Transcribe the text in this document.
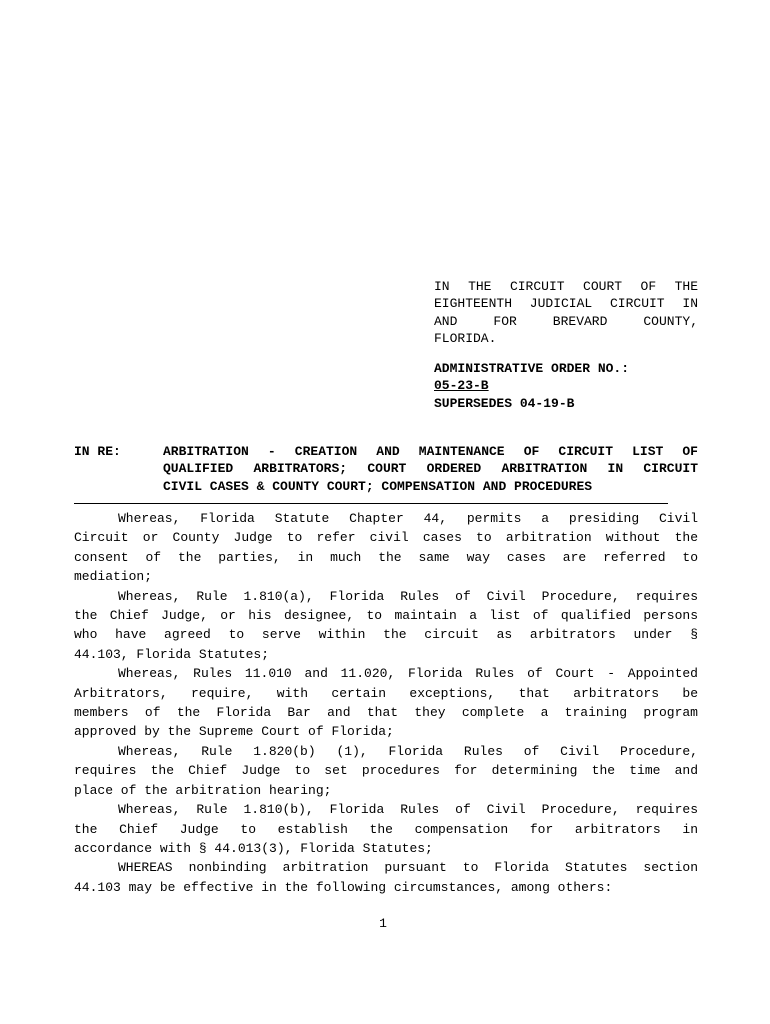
IN THE CIRCUIT COURT OF THE
EIGHTEENTH JUDICIAL CIRCUIT IN
AND FOR BREVARD COUNTY,
FLORIDA.
ADMINISTRATIVE ORDER NO.:
05-23-B
SUPERSEDES 04-19-B
IN RE:	ARBITRATION - CREATION AND MAINTENANCE OF CIRCUIT LIST OF
QUALIFIED ARBITRATORS; COURT ORDERED ARBITRATION IN CIRCUIT
CIVIL CASES & COUNTY COURT; COMPENSATION AND PROCEDURES
Whereas, Florida Statute Chapter 44, permits a presiding Civil
Circuit or County Judge to refer civil cases to arbitration without the
consent of the parties, in much the same way cases are referred to
mediation;
Whereas, Rule 1.810(a), Florida Rules of Civil Procedure, requires
the Chief Judge, or his designee, to maintain a list of qualified persons
who have agreed to serve within the circuit as arbitrators under §
44.103, Florida Statutes;
Whereas, Rules 11.010 and 11.020, Florida Rules of Court - Appointed
Arbitrators, require, with certain exceptions, that arbitrators be
members of the Florida Bar and that they complete a training program
approved by the Supreme Court of Florida;
Whereas, Rule 1.820(b) (1), Florida Rules of Civil Procedure,
requires the Chief Judge to set procedures for determining the time and
place of the arbitration hearing;
Whereas, Rule 1.810(b), Florida Rules of Civil Procedure, requires
the Chief Judge to establish the compensation for arbitrators in
accordance with § 44.013(3), Florida Statutes;
WHEREAS nonbinding arbitration pursuant to Florida Statutes section
44.103 may be effective in the following circumstances, among others:
1
